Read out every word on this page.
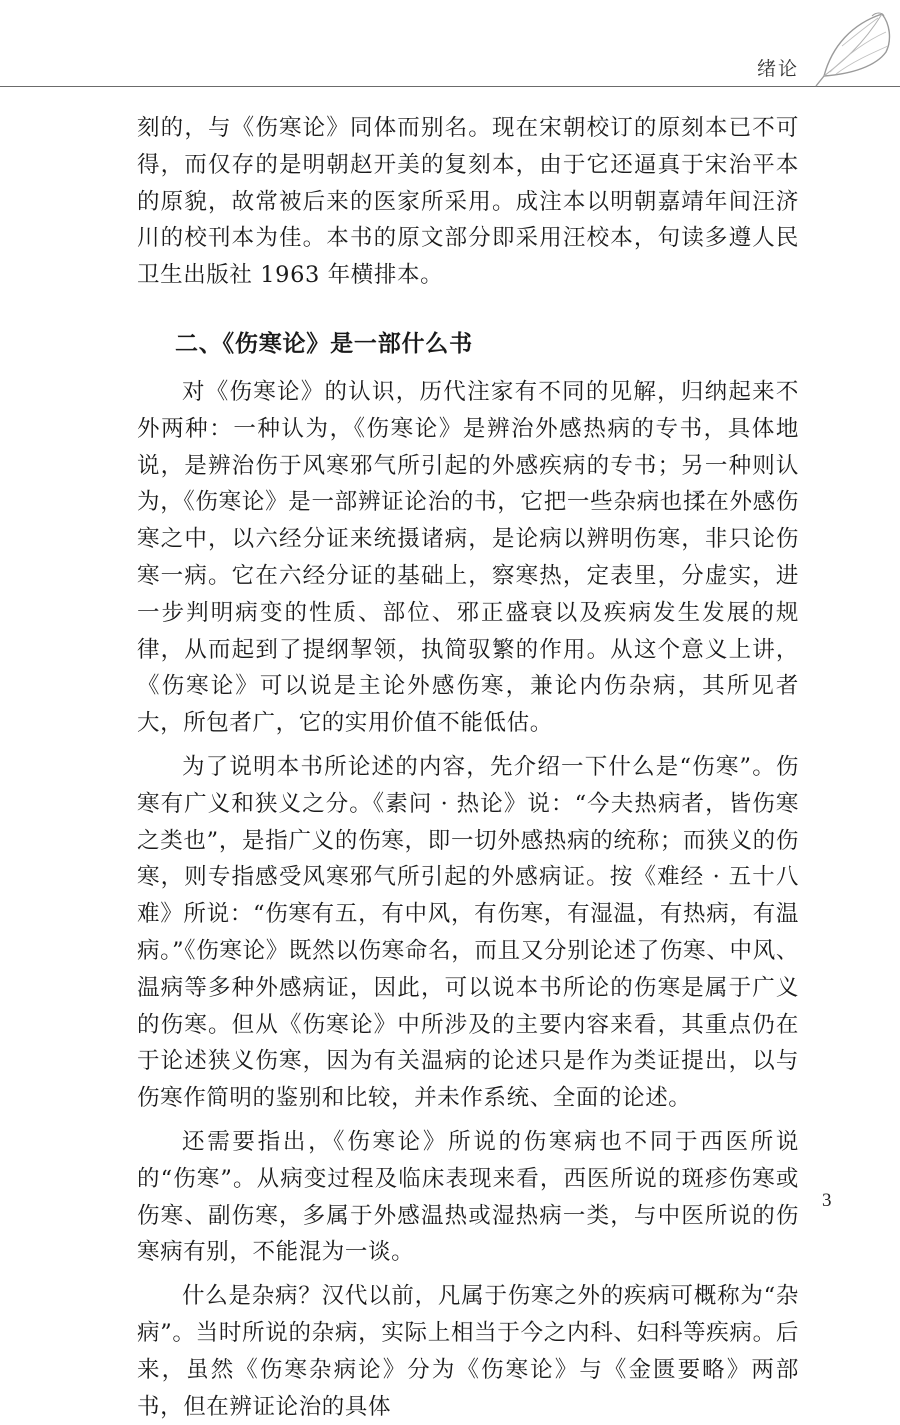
绪论

刻的，与《伤寒论》同体而别名。现在宋朝校订的原刻本已不可得，而仅存的是明朝赵开美的复刻本，由于它还逼真于宋治平本的原貌，故常被后来的医家所采用。成注本以明朝嘉靖年间汪济川的校刊本为佳。本书的原文部分即采用汪校本，句读多遵人民卫生出版社 1963 年横排本。

二、《伤寒论》是一部什么书

对《伤寒论》的认识，历代注家有不同的见解，归纳起来不外两种：一种认为，《伤寒论》是辨治外感热病的专书，具体地说，是辨治伤于风寒邪气所引起的外感疾病的专书；另一种则认为，《伤寒论》是一部辨证论治的书，它把一些杂病也揉在外感伤寒之中，以六经分证来统摄诸病，是论病以辨明伤寒，非只论伤寒一病。它在六经分证的基础上，察寒热，定表里，分虚实，进一步判明病变的性质、部位、邪正盛衰以及疾病发生发展的规律，从而起到了提纲挈领，执简驭繁的作用。从这个意义上讲，《伤寒论》可以说是主论外感伤寒，兼论内伤杂病，其所见者大，所包者广，它的实用价值不能低估。

为了说明本书所论述的内容，先介绍一下什么是“伤寒”。伤寒有广义和狭义之分。《素问 · 热论》说：“今夫热病者，皆伤寒之类也”，是指广义的伤寒，即一切外感热病的统称；而狭义的伤寒，则专指感受风寒邪气所引起的外感病证。按《难经 · 五十八难》所说：“伤寒有五，有中风，有伤寒，有湿温，有热病，有温病。”《伤寒论》既然以伤寒命名，而且又分别论述了伤寒、中风、温病等多种外感病证，因此，可以说本书所论的伤寒是属于广义的伤寒。但从《伤寒论》中所涉及的主要内容来看，其重点仍在于论述狭义伤寒，因为有关温病的论述只是作为类证提出，以与伤寒作简明的鉴别和比较，并未作系统、全面的论述。

还需要指出，《伤寒论》所说的伤寒病也不同于西医所说的“伤寒”。从病变过程及临床表现来看，西医所说的斑疹伤寒或伤寒、副伤寒，多属于外感温热或湿热病一类，与中医所说的伤寒病有别，不能混为一谈。

什么是杂病？汉代以前，凡属于伤寒之外的疾病可概称为“杂病”。当时所说的杂病，实际上相当于今之内科、妇科等疾病。后来，虽然《伤寒杂病论》分为《伤寒论》与《金匮要略》两部书，但在辨证论治的具体

3
